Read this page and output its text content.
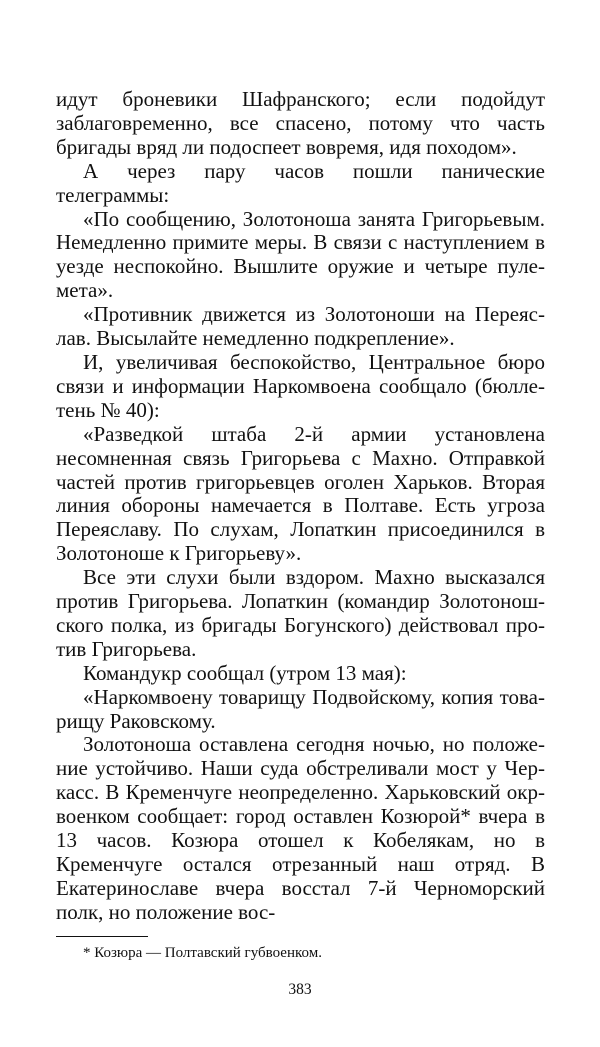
идут броневики Шафранского; если подойдут заблаговременно, все спасено, потому что часть бригады вряд ли подоспеет вовремя, идя походом».

А через пару часов пошли панические телеграммы:

«По сообщению, Золотоноша занята Григорьевым. Немедленно примите меры. В связи с наступлением в уезде неспокойно. Вышлите оружие и четыре пулемета».

«Противник движется из Золотоноши на Переяслав. Высылайте немедленно подкрепление».

И, увеличивая беспокойство, Центральное бюро связи и информации Наркомвоена сообщало (бюллетень № 40):

«Разведкой штаба 2-й армии установлена несомненная связь Григорьева с Махно. Отправкой частей против григорьевцев оголен Харьков. Вторая линия обороны намечается в Полтаве. Есть угроза Переяславу. По слухам, Лопаткин присоединился в Золотоноше к Григорьеву».

Все эти слухи были вздором. Махно высказался против Григорьева. Лопаткин (командир Золотоношского полка, из бригады Богунского) действовал против Григорьева.

Командукр сообщал (утром 13 мая):

«Наркомвоену товарищу Подвойскому, копия товарищу Раковскому.

Золотоноша оставлена сегодня ночью, но положение устойчиво. Наши суда обстреливали мост у Черкасс. В Кременчуге неопределенно. Харьковский окрвоенком сообщает: город оставлен Козюрой* вчера в 13 часов. Козюра отошел к Кобелякам, но в Кременчуге остался отрезанный наш отряд. В Екатеринославе вчера восстал 7-й Черноморский полк, но положение вос-

* Козюра — Полтавский губвоенком.
383
